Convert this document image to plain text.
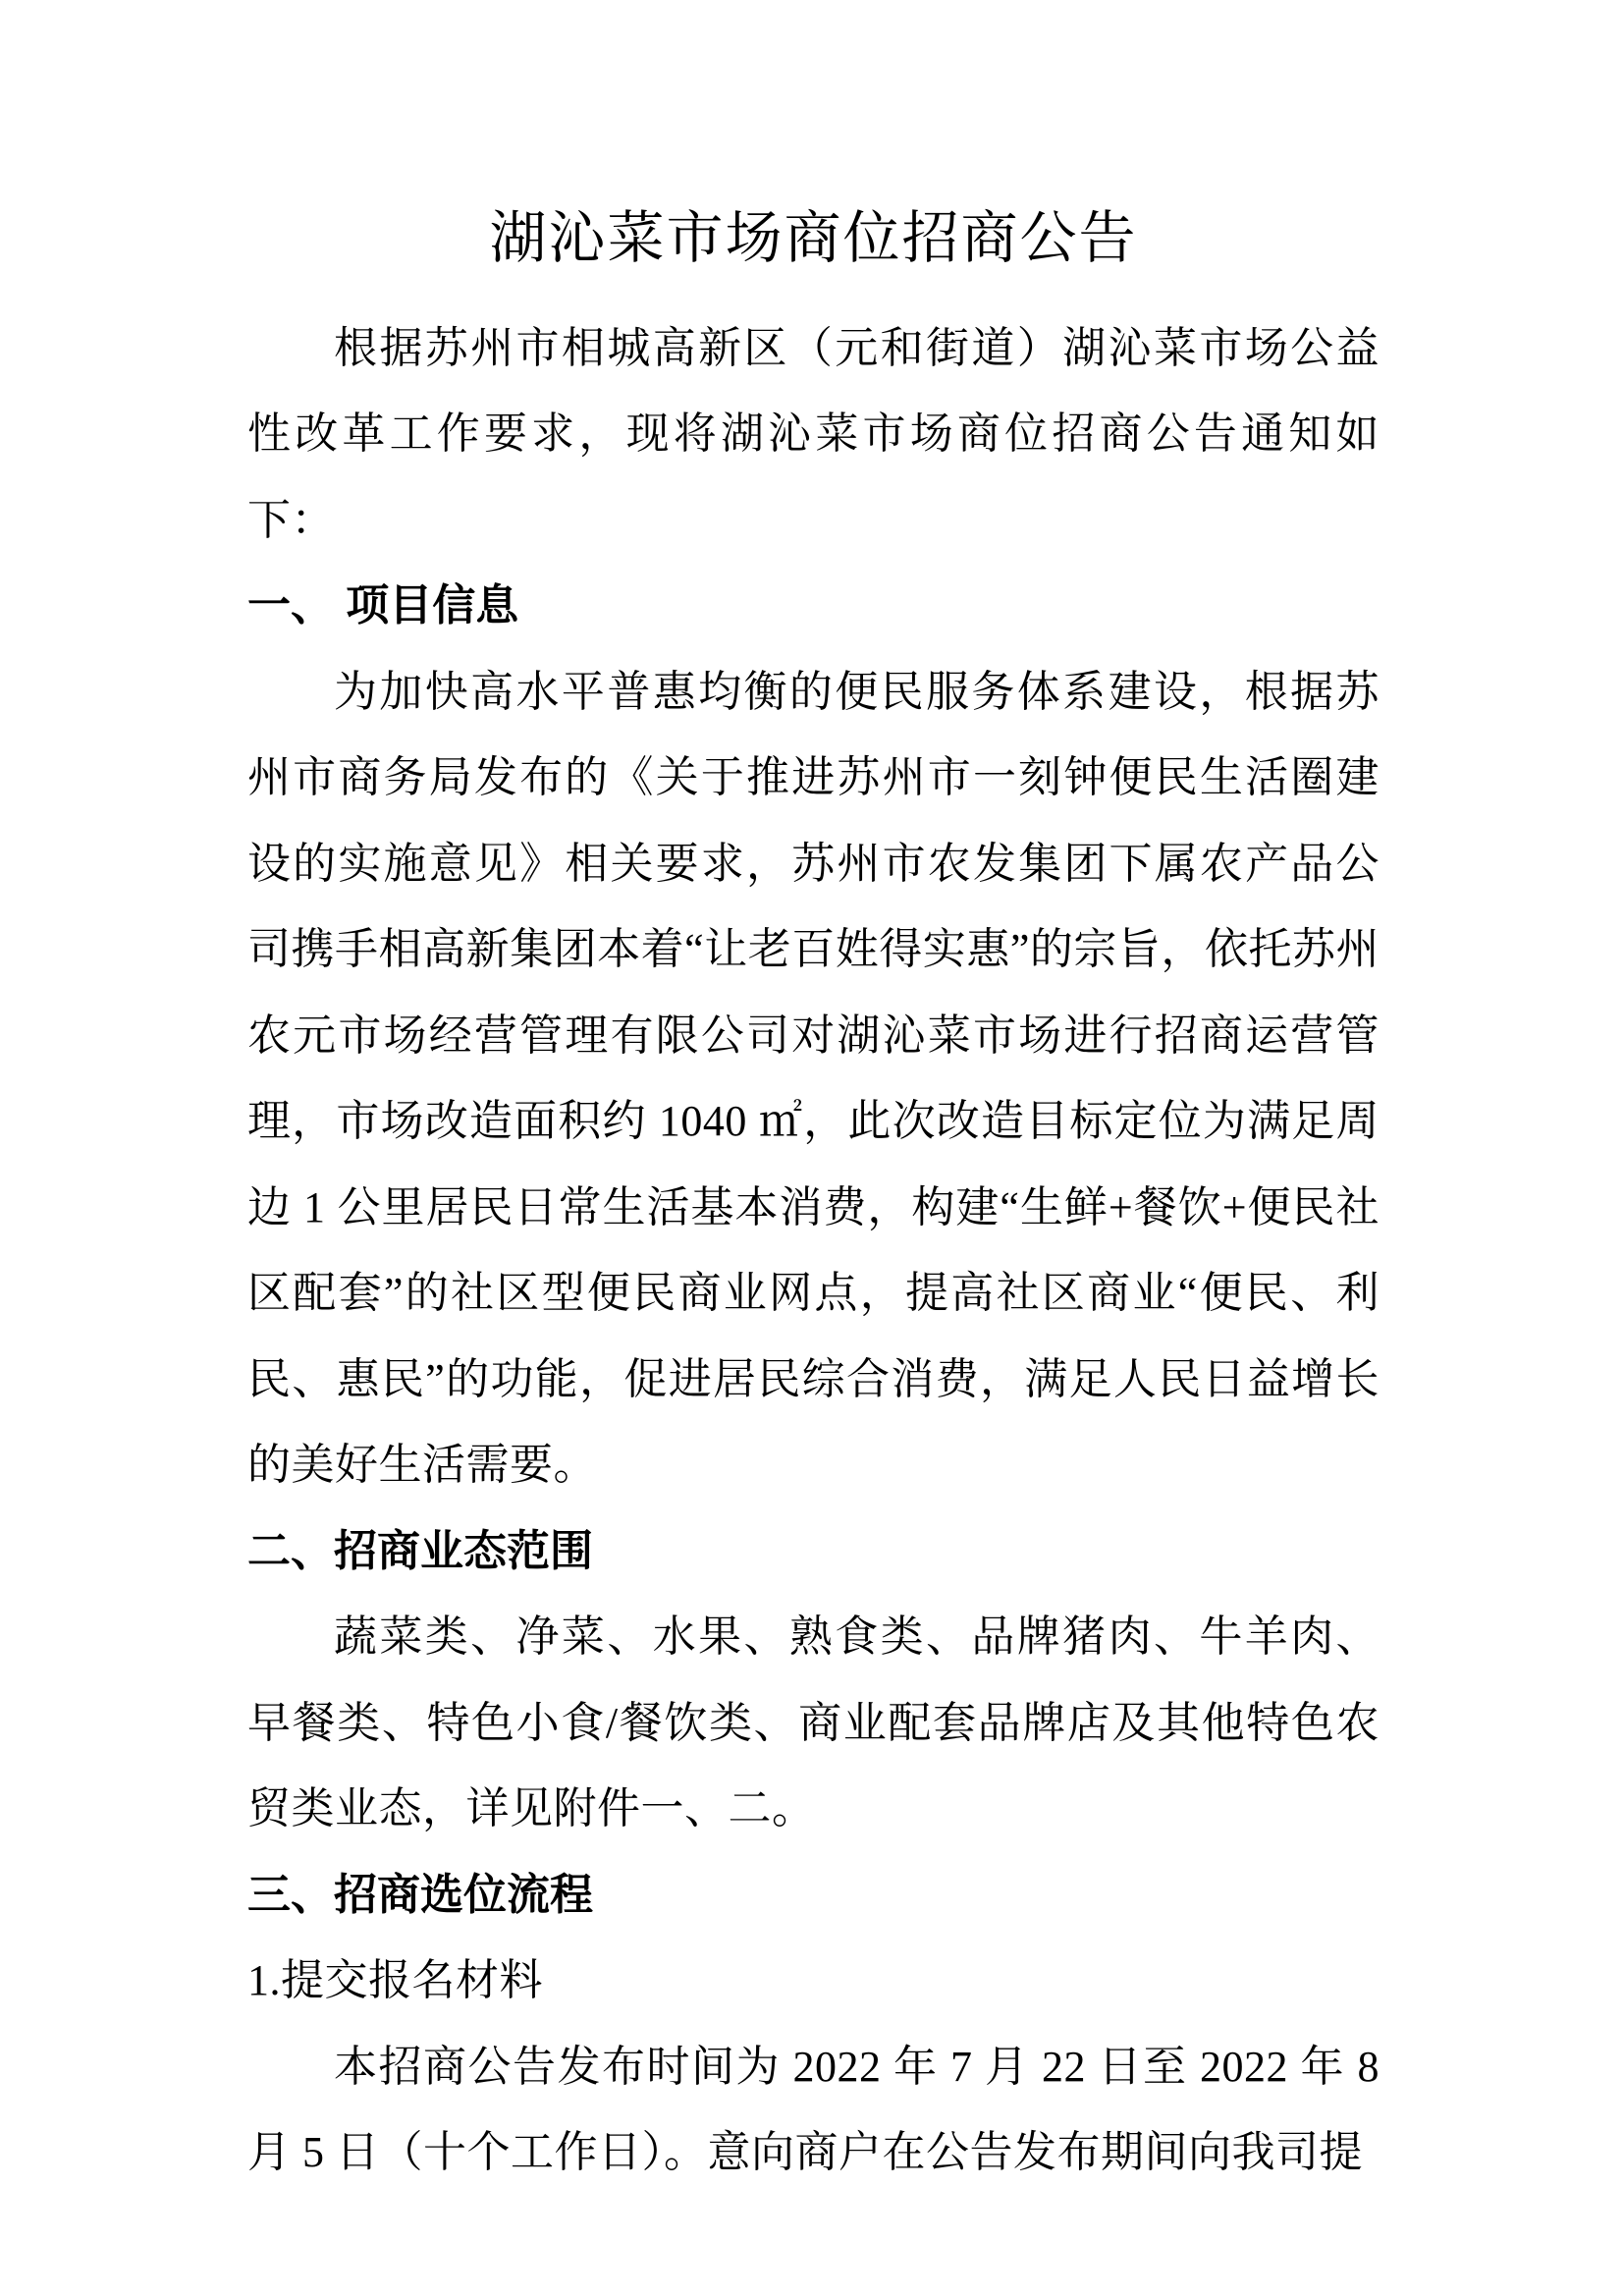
湖沁菜市场商位招商公告

根据苏州市相城高新区（元和街道）湖沁菜市场公益性改革工作要求，现将湖沁菜市场商位招商公告通知如下：

一、 项目信息

为加快高水平普惠均衡的便民服务体系建设，根据苏州市商务局发布的《关于推进苏州市一刻钟便民生活圈建设的实施意见》相关要求，苏州市农发集团下属农产品公司携手相高新集团本着“让老百姓得实惠”的宗旨，依托苏州农元市场经营管理有限公司对湖沁菜市场进行招商运营管理，市场改造面积约 1040 ㎡，此次改造目标定位为满足周边 1 公里居民日常生活基本消费，构建“生鲜+餐饮+便民社区配套”的社区型便民商业网点，提高社区商业“便民、利民、惠民”的功能，促进居民综合消费，满足人民日益增长的美好生活需要。

二、招商业态范围

蔬菜类、净菜、水果、熟食类、品牌猪肉、牛羊肉、早餐类、特色小食/餐饮类、商业配套品牌店及其他特色农贸类业态，详见附件一、二。

三、招商选位流程

1.提交报名材料

本招商公告发布时间为 2022 年 7 月 22 日至 2022 年 8 月 5 日（十个工作日）。意向商户在公告发布期间向我司提
